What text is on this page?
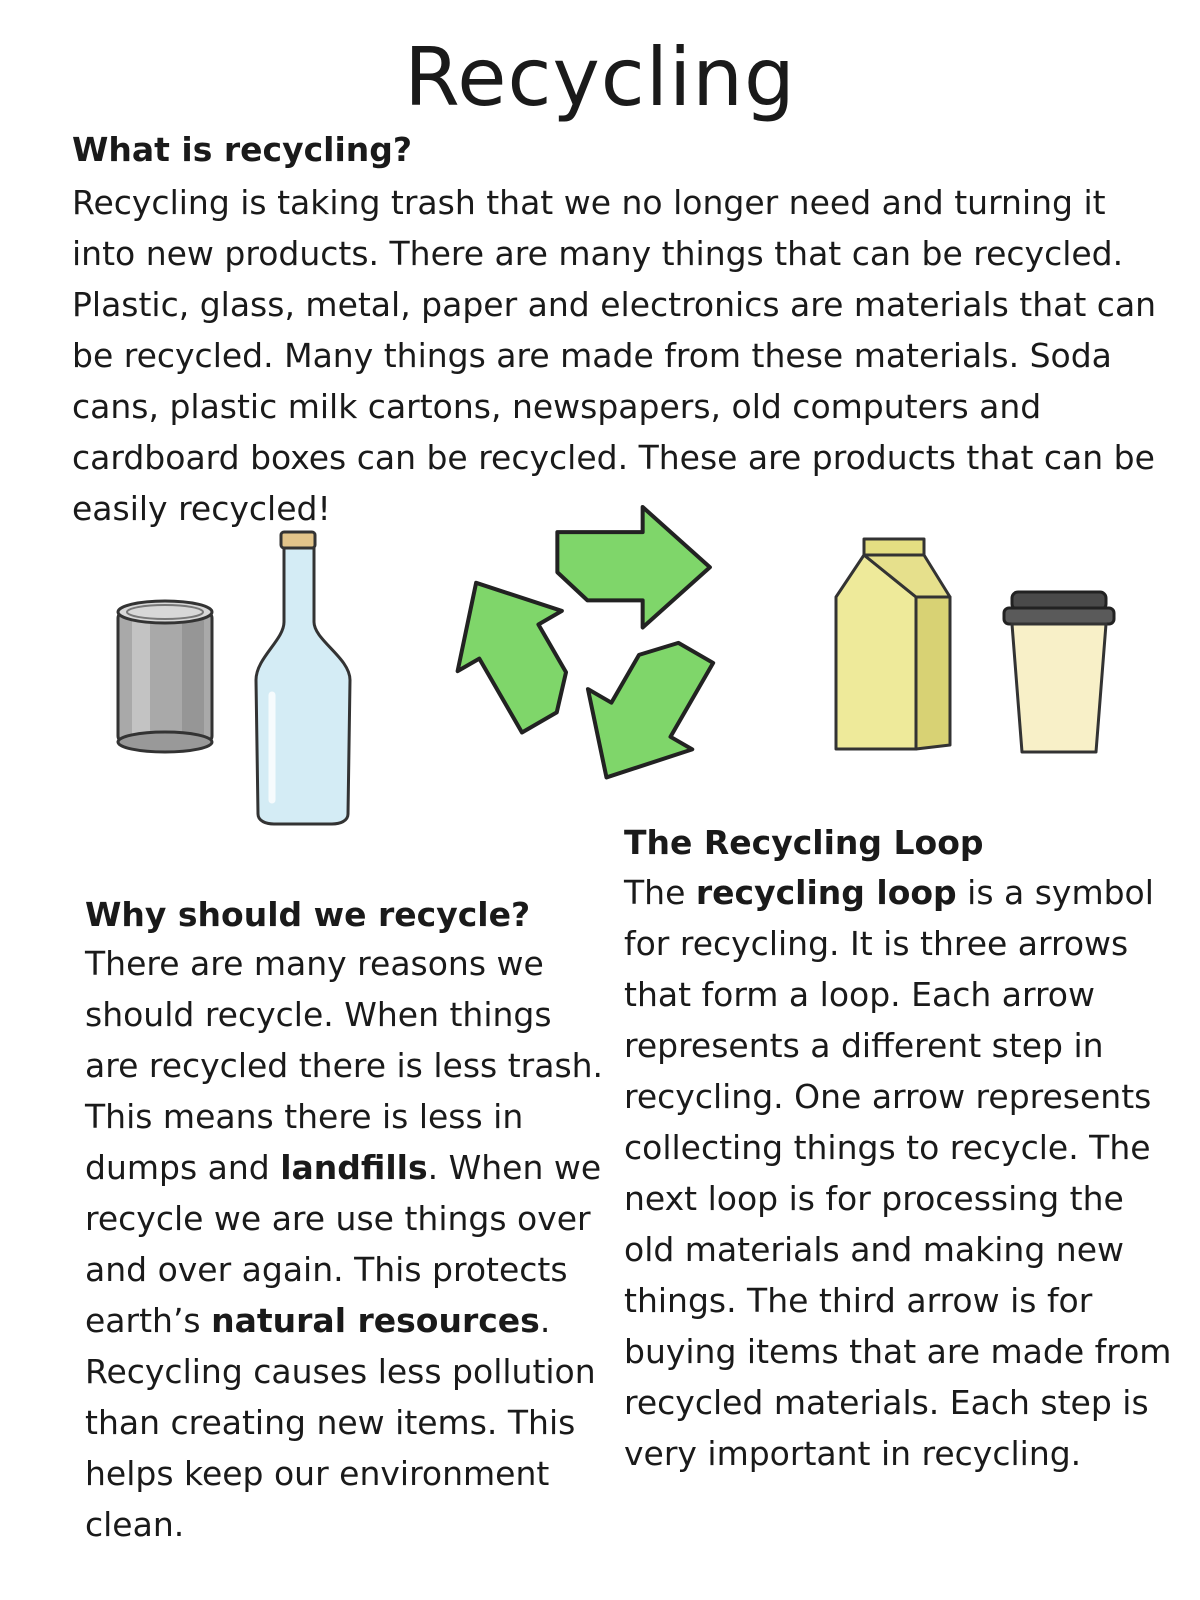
Recycling
What is recycling?

Recycling is taking trash that we no longer need and turning it into new products. There are many things that can be recycled. Plastic, glass, metal, paper and electronics are materials that can be recycled. Many things are made from these materials. Soda cans, plastic milk cartons, newspapers, old computers and cardboard boxes can be recycled. These are products that can be easily recycled!

Why should we recycle?

There are many reasons we should recycle. When things are recycled there is less trash. This means there is less in dumps and landfills. When we recycle we are use things over and over again. This protects earth’s natural resources. Recycling causes less pollution than creating new items. This helps keep our environment clean.

The Recycling Loop

The recycling loop is a symbol for recycling. It is three arrows that form a loop. Each arrow represents a different step in recycling. One arrow represents collecting things to recycle. The next loop is for processing the old materials and making new things. The third arrow is for buying items that are made from recycled materials. Each step is very important in recycling.
